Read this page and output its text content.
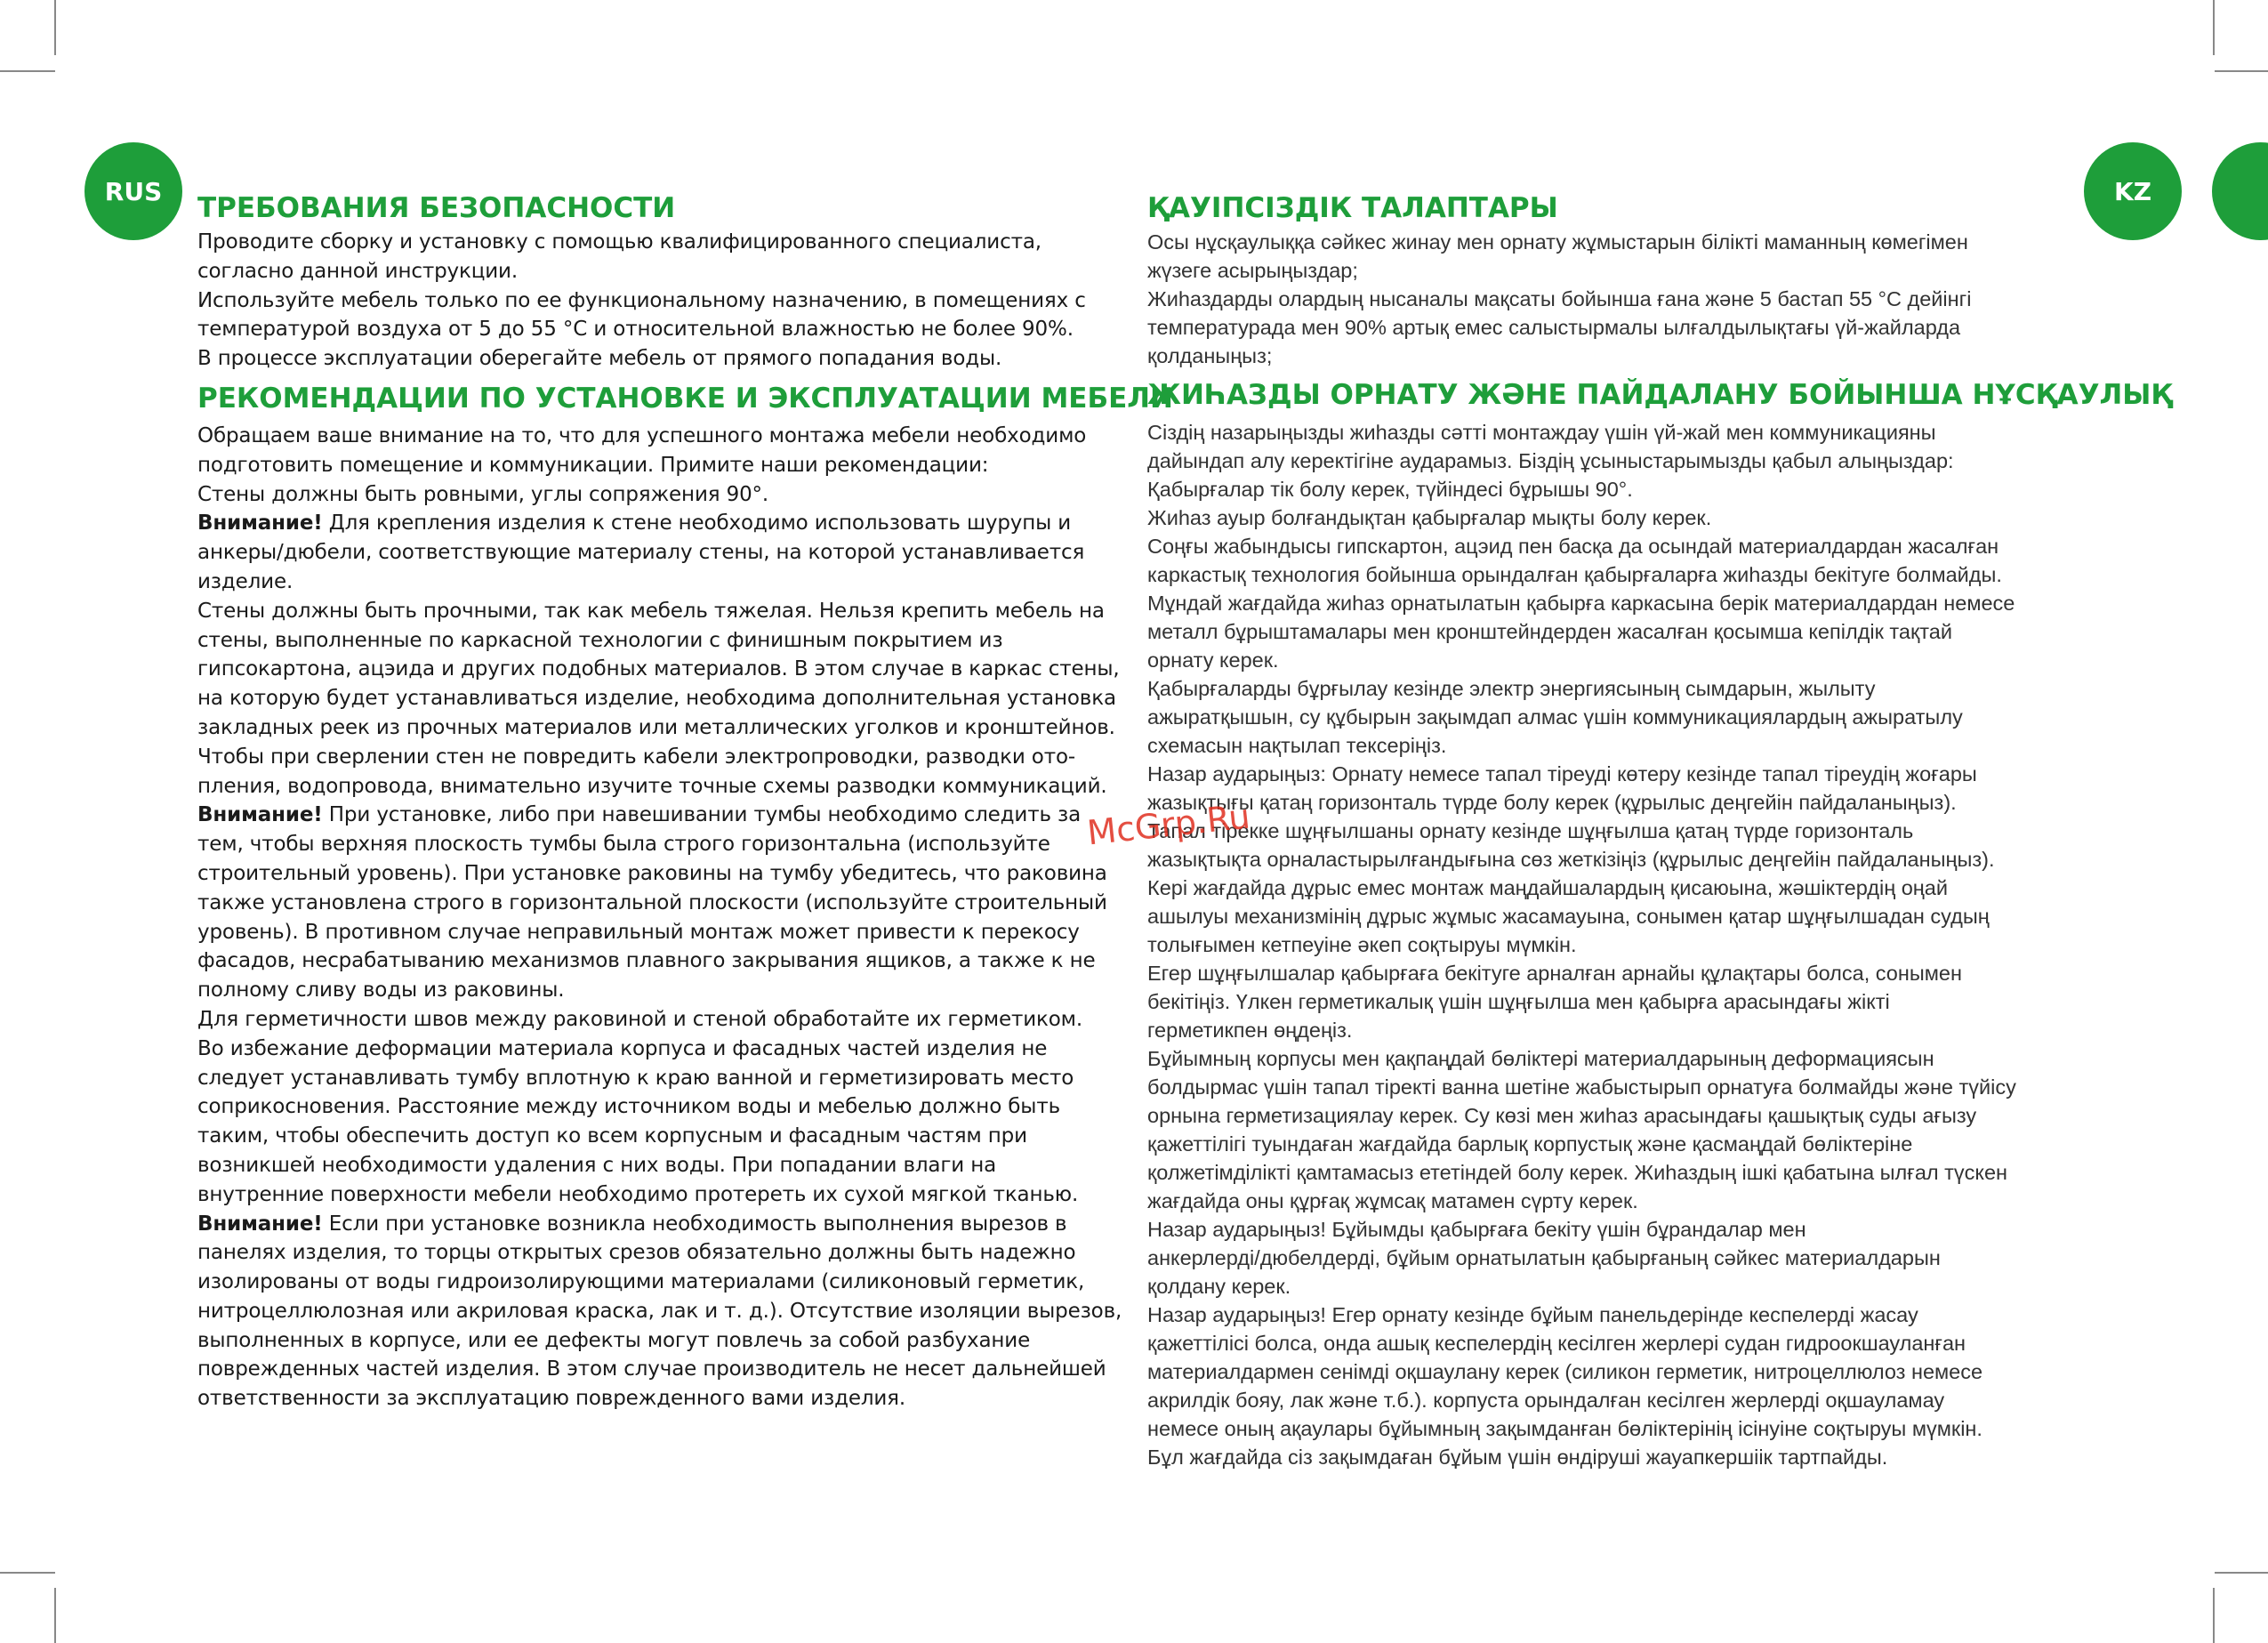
RUS	KZ
ТРЕБОВАНИЯ БЕЗОПАСНОСТИ

Проводите сборку и установку с помощью квалифицированного специалиста,

согласно данной инструкции.

Используйте мебель только по ее функциональному назначению, в помещениях с

температурой воздуха от 5 до 55 °С и относительной влажностью не более 90%.

В процессе эксплуатации оберегайте мебель от прямого попадания воды.

РЕКОМЕНДАЦИИ ПО УСТАНОВКЕ И ЭКСПЛУАТАЦИИ МЕБЕЛИ

Обращаем ваше внимание на то, что для успешного монтажа мебели необходимо

подготовить помещение и коммуникации. Примите наши рекомендации:

Стены должны быть ровными, углы сопряжения 90°.

Внимание! Для крепления изделия к стене необходимо использовать шурупы и

анкеры/дюбели, соответствующие материалу стены, на которой устанавливается

изделие.

Стены должны быть прочными, так как мебель тяжелая. Нельзя крепить мебель на

стены, выполненные по каркасной технологии с финишным покрытием из

гипсокартона, ацэида и других подобных материалов. В этом случае в каркас стены,

на которую будет устанавливаться изделие, необходима дополнительная установка

закладных реек из прочных материалов или металлических уголков и кронштейнов.

Чтобы при сверлении стен не повредить кабели электропроводки, разводки ото-

пления, водопровода, внимательно изучите точные схемы разводки коммуникаций.

Внимание! При установке, либо при навешивании тумбы необходимо следить за

тем, чтобы верхняя плоскость тумбы была строго горизонтальна (используйте

строительный уровень). При установке раковины на тумбу убедитесь, что раковина

также установлена строго в горизонтальной плоскости (используйте строительный

уровень). В противном случае неправильный монтаж может привести к перекосу

фасадов, несрабатыванию механизмов плавного закрывания ящиков, а также к не

полному сливу воды из раковины.

Для герметичности швов между раковиной и стеной обработайте их герметиком.

Во избежание деформации материала корпуса и фасадных частей изделия не

следует устанавливать тумбу вплотную к краю ванной и герметизировать место

соприкосновения. Расстояние между источником воды и мебелью должно быть

таким, чтобы обеспечить доступ ко всем корпусным и фасадным частям при

возникшей необходимости удаления с них воды. При попадании влаги на

внутренние поверхности мебели необходимо протереть их сухой мягкой тканью.

Внимание! Если при установке возникла необходимость выполнения вырезов в

панелях изделия, то торцы открытых срезов обязательно должны быть надежно

изолированы от воды гидроизолирующими материалами (силиконовый герметик,

нитроцеллюлозная или акриловая краска, лак и т. д.). Отсутствие изоляции вырезов,

выполненных в корпусе, или ее дефекты могут повлечь за собой разбухание

поврежденных частей изделия. В этом случае производитель не несет дальнейшей

ответственности за эксплуатацию поврежденного вами изделия.

ҚАУІПСІЗДІК ТАЛАПТАРЫ

Осы нұсқаулыққа сәйкес жинау мен орнату жұмыстарын білікті маманның көмегімен

жүзеге асырыңыздар;

Жиһаздарды олардың нысаналы мақсаты бойынша ғана және 5 бастап 55 °С дейінгі

температурада мен 90% артық емес салыстырмалы ылғалдылықтағы үй-жайларда

қолданыңыз;

ЖИҺАЗДЫ ОРНАТУ ЖӘНЕ ПАЙДАЛАНУ БОЙЫНША НҰСҚАУЛЫҚ

Сіздің назарыңызды жиһазды сәтті монтаждау үшін үй-жай мен коммуникацияны

дайындап алу керектігіне аударамыз. Біздің ұсыныстарымызды қабыл алыңыздар:

Қабырғалар тік болу керек, түйіндесі бұрышы 90°.

Жиһаз ауыр болғандықтан қабырғалар мықты болу керек.

Соңғы жабындысы гипскартон, ацэид пен басқа да осындай материалдардан жасалған

каркастық технология бойынша орындалған қабырғаларға жиһазды бекітуге болмайды.

Мұндай жағдайда жиһаз орнатылатын қабырға каркасына берік материалдардан немесе

металл бұрыштамалары мен кронштейндерден жасалған қосымша кепілдік тақтай

орнату керек.

Қабырғаларды бұрғылау кезінде электр энергиясының сымдарын, жылыту

ажыратқышын, су құбырын зақымдап алмас үшін коммуникациялардың ажыратылу

схемасын нақтылап тексеріңіз.

Назар аударыңыз: Орнату немесе тапал тіреуді көтеру кезінде тапал тіреудің жоғары

жазықтығы қатаң горизонталь түрде болу керек (құрылыс деңгейін пайдаланыңыз).

Тапал тірекке шұңғылшаны орнату кезінде шұңғылша қатаң түрде горизонталь

жазықтықта орналастырылғандығына сөз жеткізіңіз (құрылыс деңгейін пайдаланыңыз).

Кері жағдайда дұрыс емес монтаж маңдайшалардың қисаюына, жәшіктердің оңай

ашылуы механизмінің дұрыс жұмыс жасамауына, сонымен қатар шұңғылшадан судың

толығымен кетпеуіне әкеп соқтыруы мүмкін.

Егер шұңғылшалар қабырғаға бекітуге арналған арнайы құлақтары болса, сонымен

бекітіңіз. Үлкен герметикалық үшін шұңғылша мен қабырға арасындағы жікті

герметикпен өңдеңіз.

Бұйымның корпусы мен қақпаңдай бөліктері материалдарының деформациясын

болдырмас үшін тапал тіректі ванна шетіне жабыстырып орнатуға болмайды және түйісу

орнына герметизациялау керек. Су көзі мен жиһаз арасындағы қашықтық суды ағызу

қажеттілігі туындаған жағдайда барлық корпустық және қасмаңдай бөліктеріне

қолжетімділікті қамтамасыз ететіндей болу керек. Жиһаздың ішкі қабатына ылғал түскен

жағдайда оны құрғақ жұмсақ матамен сүрту керек.

Назар аударыңыз! Бұйымды қабырғаға бекіту үшін бұрандалар мен

анкерлерді/дюбелдерді, бұйым орнатылатын қабырғаның сәйкес материалдарын

қолдану керек.

Назар аударыңыз! Егер орнату кезінде бұйым панельдерінде кеспелерді жасау

қажеттілісі болса, онда ашық кеспелердің кесілген жерлері судан гидроокшауланған

материалдармен сенімді оқшаулану керек (силикон герметик, нитроцеллюлоз немесе

акрилдік бояу, лак және т.б.). корпуста орындалған кесілген жерлерді оқшауламау

немесе оның ақаулары бұйымның зақымданған бөліктерінің ісінуіне соқтыруы мүмкін.

Бұл жағдайда сіз зақымдаған бұйым үшін өндіруші жауапкершіік тартпайды.

McGrp.Ru
